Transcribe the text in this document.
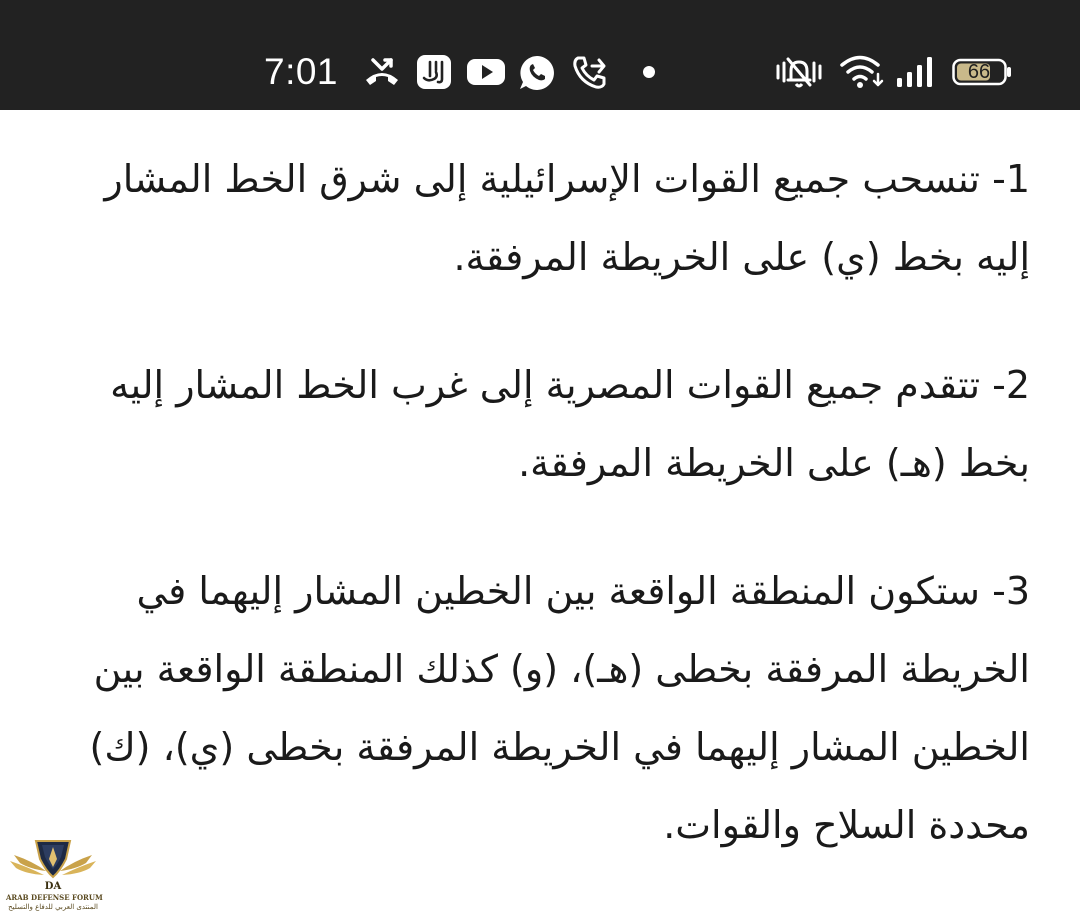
7:01	66

1- تنسحب جميع القوات الإسرائيلية إلى شرق الخط المشار إليه بخط (ي) على الخريطة المرفقة.

2- تتقدم جميع القوات المصرية إلى غرب الخط المشار إليه بخط (هـ) على الخريطة المرفقة.

3- ستكون المنطقة الواقعة بين الخطين المشار إليهما في الخريطة المرفقة بخطى (هـ)، (و) كذلك المنطقة الواقعة بين الخطين المشار إليهما في الخريطة المرفقة بخطى (ي)، (ك) محددة السلاح والقوات.

DA
ARAB DEFENSE FORUM
المنتدى العربي للدفاع والتسليح
